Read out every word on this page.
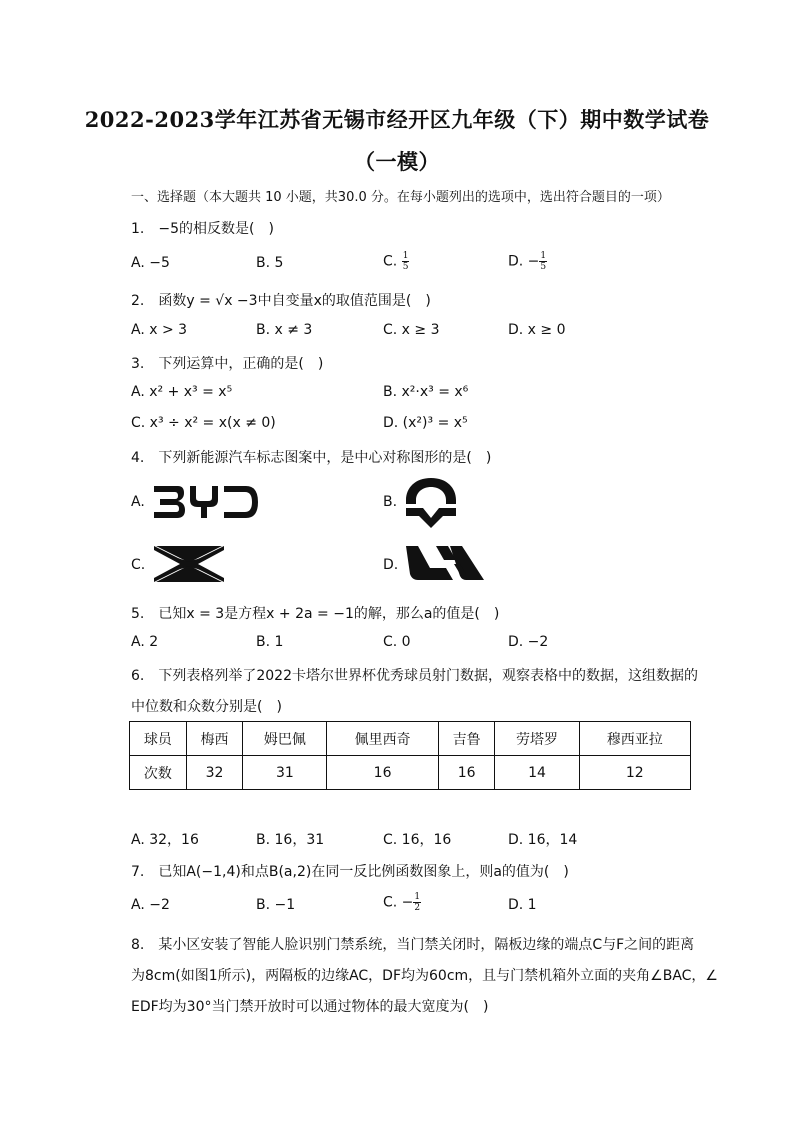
2022-2023学年江苏省无锡市经开区九年级（下）期中数学试卷
（一模）
一、选择题（本大题共 10 小题，共30.0 分。在每小题列出的选项中，选出符合题目的一项）
1.　−5的相反数是(　)
A. −5	B. 5	C. $\frac{1}{5}$	D. − $\frac{1}{5}$
2.　函数y = √x −3中自变量x的取值范围是(　)
A. x > 3	B. x ≠ 3	C. x ≥ 3	D. x ≥ 0
3.　下列运算中，正确的是(　)
A. x² + x³ = x⁵	B. x²⋅x³ = x⁶
C. x³ ÷ x² = x(x ≠ 0)	D. (x²)³ = x⁵
4.　下列新能源汽车标志图案中，是中心对称图形的是(　)
A.	B.
C.	D.
5.　已知x = 3是方程x + 2a = −1的解，那么a的值是(　)
A. 2	B. 1	C. 0	D. −2
6.　下列表格列举了2022卡塔尔世界杯优秀球员射门数据，观察表格中的数据，这组数据的
中位数和众数分别是(　)
球员	梅西	姆巴佩	佩里西奇	吉鲁	劳塔罗	穆西亚拉
次数	32	31	16	16	14	12
A. 32，16	B. 16，31	C. 16，16	D. 16，14
7.　已知A(−1,4)和点B(a,2)在同一反比例函数图象上，则a的值为(　)
A. −2	B. −1	C. − $\frac{1}{2}$	D. 1
8.　某小区安装了智能人脸识别门禁系统，当门禁关闭时，隔板边缘的端点C与F之间的距离
为8cm(如图1所示)，两隔板的边缘AC，DF均为60cm，且与门禁机箱外立面的夹角∠BAC，∠
EDF均为30°当门禁开放时可以通过物体的最大宽度为(　)
